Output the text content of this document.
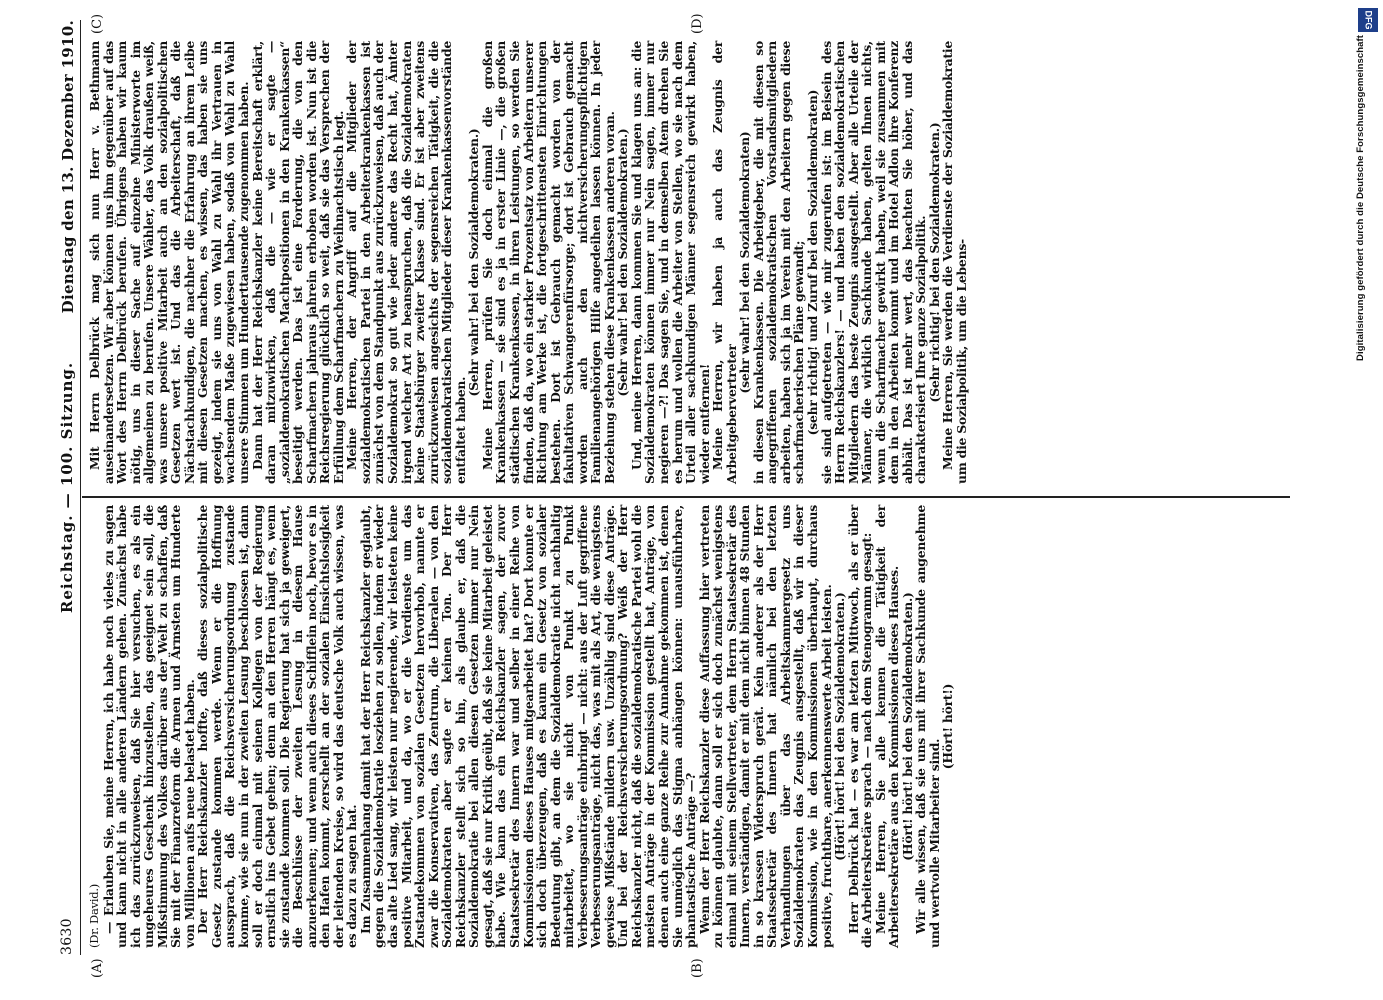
3630
Reichstag. — 100. Sitzung.
Dienstag den 13. Dezember 1910.
(A)	(B)
(C)	(D)

(Dr. David.) — Erlauben Sie, meine Herren, ich habe noch vieles zu sagen und kann nicht in alle anderen Ländern gehen. Zunächst habe ich das zurückzuweisen, daß Sie hier versuchen, es als ein ungeheures Geschenk hinzustellen, das geeignet sein soll, die Mißstimmung des Volkes darüber aus der Welt zu schaffen, daß Sie mit der Finanzreform die Armen und Ärmsten um Hunderte von Millionen aufs neue belastet haben.

Der Herr Reichskanzler hoffte, daß dieses sozialpolitische Gesetz zustande kommen werde. Wenn er die Hoffnung aussprach, daß die Reichsversicherungsordnung zustande komme, wie sie nun in der zweiten Lesung beschlossen ist, dann soll er doch einmal mit seinen Kollegen von der Regierung ernstlich ins Gebet gehen; denn an den Herren hängt es, wenn sie zustande kommen soll. Die Regierung hat sich ja geweigert, die Beschlüsse der zweiten Lesung in diesem Hause anzuerkennen; und wenn auch dieses Schifflein noch, bevor es in den Hafen kommt, zerschellt an der sozialen Einsichtslosigkeit der leitenden Kreise, so wird das deutsche Volk auch wissen, was es dazu zu sagen hat.

Im Zusammenhang damit hat der Herr Reichskanzler geglaubt, gegen die Sozialdemokratie losziehen zu sollen, indem er wieder das alte Lied sang, wir leisten nur negierende, wir leisteten keine positive Mitarbeit, und da, wo er die Verdienste um das Zustandekommen von sozialen Gesetzen hervorhob, nannte er zwar die Konservativen, das Zentrum, die Liberalen — von den Sozialdemokraten aber sagte er keinen Ton. Der Herr Reichskanzler stellt sich so hin, als glaube er, daß die Sozialdemokratie bei allen diesen Gesetzen immer nur Nein gesagt, daß sie nur Kritik geübt, daß sie keine Mitarbeit geleistet habe. Wie kann das ein Reichskanzler sagen, der zuvor Staatssekretär des Innern war und selber in einer Reihe von Kommissionen dieses Hauses mitgearbeitet hat? Dort konnte er sich doch überzeugen, daß es kaum ein Gesetz von sozialer Bedeutung gibt, an dem die Sozialdemokratie nicht nachhaltig mitarbeitet, wo sie nicht von Punkt zu Punkt Verbesserungsanträge einbringt — nicht: aus der Luft gegriffene Verbesserungsanträge, nicht das, was mit als Art, die wenigstens gewisse Mißstände mildern usw. Unzählig sind diese Anträge. Und bei der Reichsversicherungsordnung? Weiß der Herr Reichskanzler nicht, daß die sozialdemokratische Partei wohl die meisten Anträge in der Kommission gestellt hat, Anträge, von denen auch eine ganze Reihe zur Annahme gekommen ist, denen Sie unmöglich das Stigma anhängen können: unausführbare, phantastische Anträge —?

Wenn der Herr Reichskanzler diese Auffassung hier vertreten zu können glaubte, dann soll er sich doch zunächst wenigstens einmal mit seinem Stellvertreter, dem Herrn Staatssekretär des Innern, verständigen, damit er mit dem nicht binnen 48 Stunden in so krassen Widerspruch gerät. Kein anderer als der Herr Staatssekretär des Innern hat nämlich bei den letzten Verhandlungen über das Arbeitskammergesetz uns Sozialdemokraten das Zeugnis ausgestellt, daß wir in dieser Kommission, wie in den Kommissionen überhaupt, durchaus positive, fruchtbare, anerkennenswerte Arbeit leisten.

(Hört! hört! bei den Sozialdemokraten.)

Herr Delbrück hat — es war am letzten Mittwoch, als er über die Arbeiterskretäre sprach — nach dem Stenogramm gesagt:

Meine Herren, Sie alle kennen die Tätigkeit der Arbeitersekretäre aus den Kommissionen dieses Hauses.

(Hört! hört! bei den Sozialdemokraten.)

Wir alle wissen, daß sie uns mit ihrer Sachkunde angenehme und wertvolle Mitarbeiter sind.

(Hört! hört!)

Mit Herrn Delbrück mag sich nun Herr v. Bethmann auseinandersetzen. Wir aber können uns ihm gegenüber auf das Wort des Herrn Delbrück berufen. Übrigens haben wir kaum nötig, uns in dieser Sache auf einzelne Ministerworte im allgemeinen zu berufen. Unsere Wähler, das Volk draußen weiß, was unsere positive Mitarbeit auch an den sozialpolitischen Gesetzen wert ist. Und das die Arbeiterschaft, daß die Nächstachkundigen, die nachher die Erfahrung an ihrem Leibe mit diesen Gesetzen machen, es wissen, das haben sie uns gezeigt, indem sie uns von Wahl zu Wahl ihr Vertrauen in wachsendem Maße zugewiesen haben, sodaß von Wahl zu Wahl unsere Stimmen um Hunderttausende zugenommen haben.

Dann hat der Herr Reichskanzler keine Bereitschaft erklärt, daran mitzuwirken, daß die — wie er sagte — „sozialdemokratischen Machtpositionen in den Krankenkassen“ beseitigt werden. Das ist eine Forderung, die von den Scharfmachern jahraus jahrein erhoben worden ist. Nun ist die Reichsregierung glücklich so weit, daß sie das Versprechen der Erfüllung dem Scharfmachern zu Weihnachtstisch legt.

Meine Herren, der Angriff auf die Mitglieder der sozialdemokratischen Partei in den Arbeiterkrankenkassen ist zunächst von dem Standpunkt aus zurückzuweisen, daß auch der Sozialdemokrat so gut wie jeder andere das Recht hat, Ämter irgend welcher Art zu beanspruchen, daß die Sozialdemokraten keine Staatsbürger zweiter Klasse sind. Er ist aber zweitens zurückzuweisen angesichts der segensreichen Tätigkeit, die die sozialdemokratischen Mitglieder dieser Krankenkassenvorstände entfaltet haben.

(Sehr wahr! bei den Sozialdemokraten.)

Meine Herren, prüfen Sie doch einmal die großen Krankenkassen — sie sind es ja in erster Linie —, die großen städtischen Krankenkassen, in ihren Leistungen, so werden Sie finden, daß da, wo ein starker Prozentsatz von Arbeitern unserer Richtung am Werke ist, die fortgeschrittensten Einrichtungen bestehen. Dort ist Gebrauch gemacht worden von der fakultativen Schwangerenfürsorge; dort ist Gebrauch gemacht worden auch den nichtversicherungspflichtigen Familienangehörigen Hilfe angedeihen lassen können. In jeder Beziehung stehen diese Krankenkassen anderen voran.

(Sehr wahr! bei den Sozialdemokraten.)

Und, meine Herren, dann kommen Sie und klagen uns an: die Sozialdemokraten können immer nur Nein sagen, immer nur negieren —?! Das sagen Sie, und in demselben Atem drehen Sie es herum und wollen die Arbeiter von Stellen, wo sie nach dem Urteil aller sachkundigen Männer segensreich gewirkt haben, wieder entfernen!

Meine Herren, wir haben ja auch das Zeugnis der Arbeitgebervertreter

(sehr wahr! bei den Sozialdemokraten)

in diesen Krankenkassen. Die Arbeitgeber, die mit diesen so angegriffenen sozialdemokratischen Vorstandsmitgliedern arbeiten, haben sich ja im Verein mit den Arbeitern gegen diese scharfmacherischen Pläne gewandt;

(sehr richtig! und Zuruf bei den Sozialdemokraten)

sie sind aufgetreten — wie mir zugerufen ist: im Beisein des Herrn Reichskanzlers! — und haben den sozialdemokratischen Mitgliedern das beste Zeugnis ausgestellt. Aber alle Urteile der Männer, die wirklich Sachkunde haben, gelten Ihnen nichts, wenn die Scharfmacher gewirkt haben, weil sie zusammen mit dem in den Arbeiten kommt und im Hotel Adlon ihre Konferenz abhält. Das ist mehr wert, das beachten Sie höher, und das charakterisiert Ihre ganze Sozialpolitik.

(Sehr richtig! bei den Sozialdemokraten.)

Meine Herren, Sie werden die Verdienste der Sozialdemokratie um die Sozialpolitik, um die Lebens-

DFG
Digitalisierung gefördert durch die Deutsche Forschungsgemeinschaft
